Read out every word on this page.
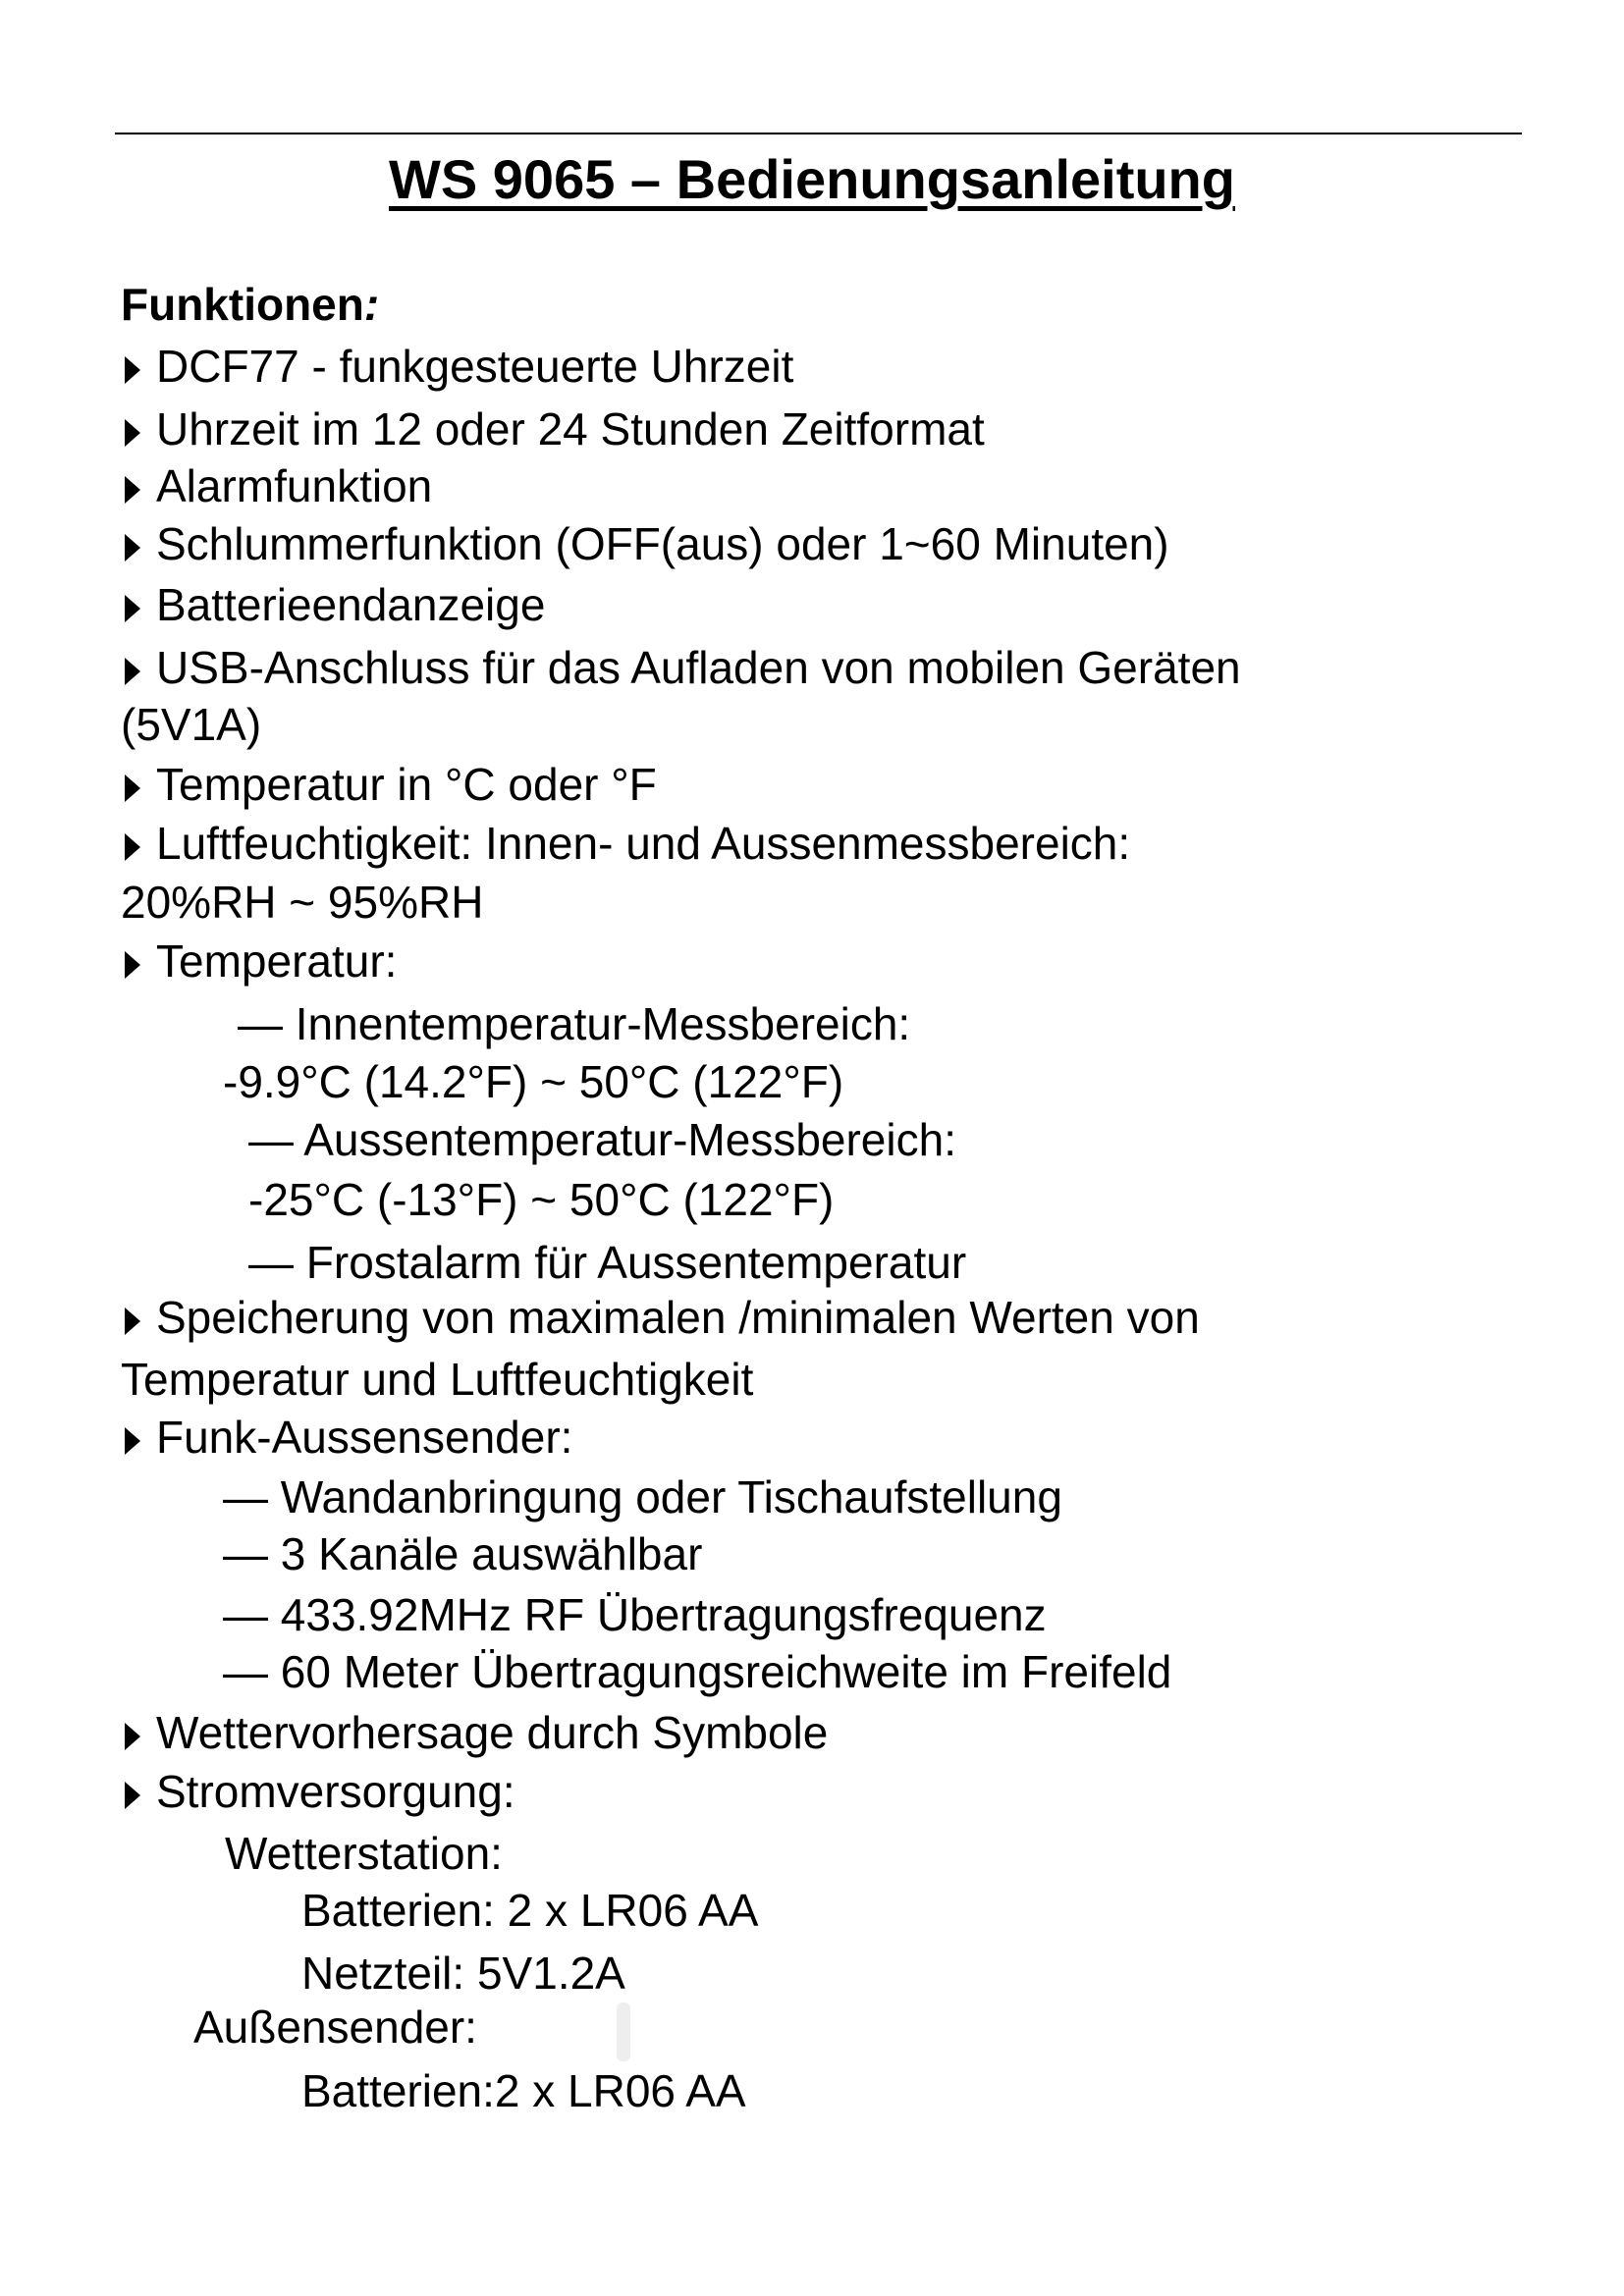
WS 9065 – Bedienungsanleitung
Funktionen:
DCF77 - funkgesteuerte Uhrzeit
Uhrzeit im 12 oder 24 Stunden Zeitformat
Alarmfunktion
Schlummerfunktion (OFF(aus) oder 1~60 Minuten)
Batterieendanzeige
USB-Anschluss für das Aufladen von mobilen Geräten
(5V1A)
Temperatur in °C oder °F
Luftfeuchtigkeit: Innen- und Aussenmessbereich:
20%RH ~ 95%RH
Temperatur:
— Innentemperatur-Messbereich:
-9.9°C (14.2°F) ~ 50°C (122°F)
— Aussentemperatur-Messbereich:
-25°C (-13°F) ~ 50°C (122°F)
— Frostalarm für Aussentemperatur
Speicherung von maximalen /minimalen Werten von
Temperatur und Luftfeuchtigkeit
Funk-Aussensender:
— Wandanbringung oder Tischaufstellung
— 3 Kanäle auswählbar
— 433.92MHz RF Übertragungsfrequenz
— 60 Meter Übertragungsreichweite im Freifeld
Wettervorhersage durch Symbole
Stromversorgung:
Wetterstation:
Batterien: 2 x LR06 AA
Netzteil: 5V1.2A
Außensender:
Batterien:2 x LR06 AA
